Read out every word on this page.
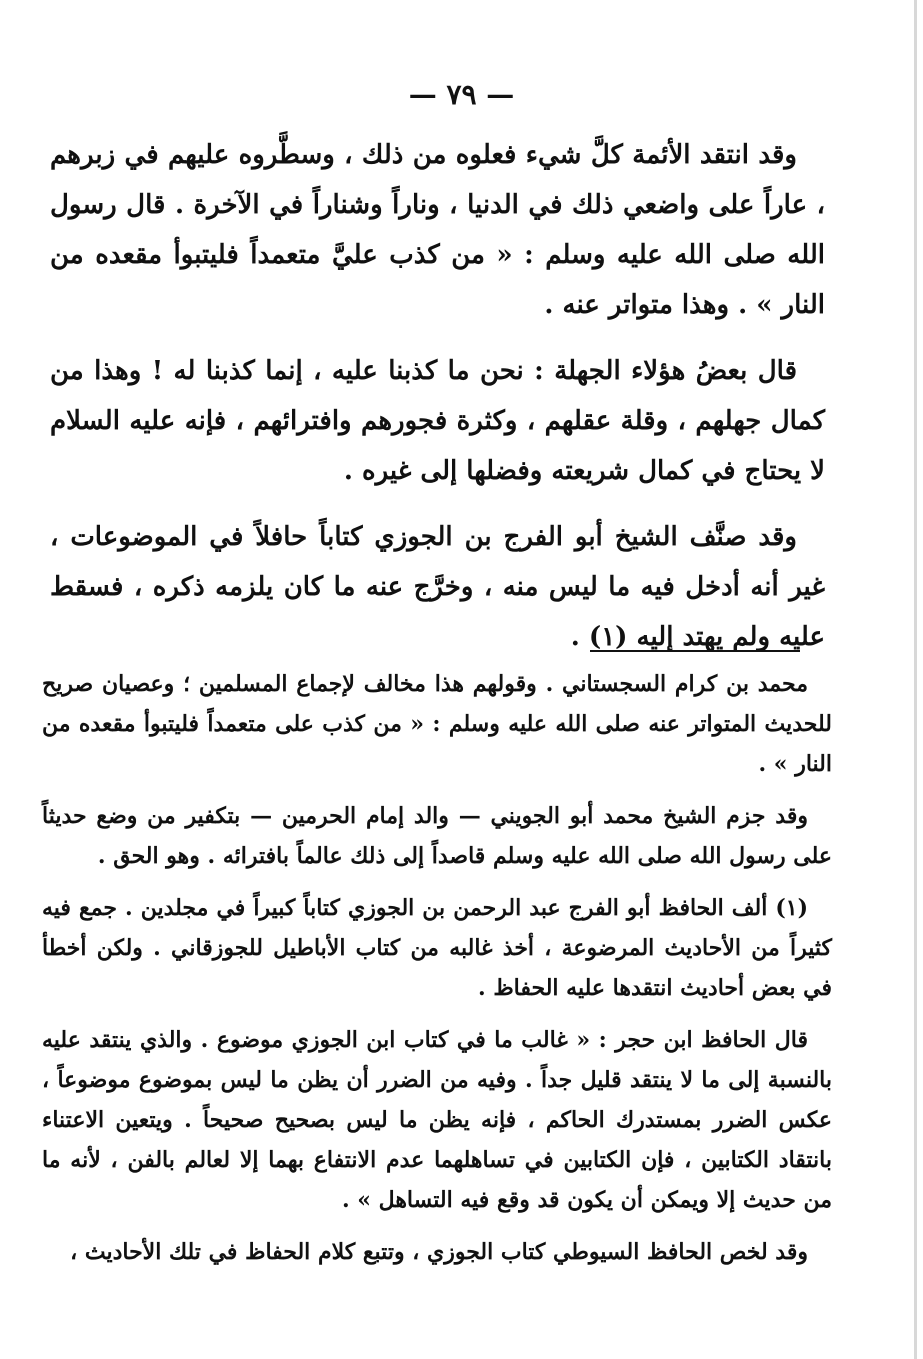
— ٧٩ —

وقد انتقد الأئمة كلَّ شيء فعلوه من ذلك ، وسطَّروه عليهم في زبرهم ، عاراً على واضعي ذلك في الدنيا ، وناراً وشناراً في الآخرة . قال رسول الله صلى الله عليه وسلم : « من كذب عليَّ متعمداً فليتبوأ مقعده من النار » . وهذا متواتر عنه .

قال بعضُ هؤلاء الجهلة : نحن ما كذبنا عليه ، إنما كذبنا له ! وهذا من كمال جهلهم ، وقلة عقلهم ، وكثرة فجورهم وافترائهم ، فإنه عليه السلام لا يحتاج في كمال شريعته وفضلها إلى غيره .

وقد صنَّف الشيخ أبو الفرج بن الجوزي كتاباً حافلاً في الموضوعات ، غير أنه أدخل فيه ما ليس منه ، وخرَّج عنه ما كان يلزمه ذكره ، فسقط عليه ولم يهتد إليه (١) .

محمد بن كرام السجستاني . وقولهم هذا مخالف لإجماع المسلمين ؛ وعصيان صريح للحديث المتواتر عنه صلى الله عليه وسلم : « من كذب على متعمداً فليتبوأ مقعده من النار » .

وقد جزم الشيخ محمد أبو الجويني — والد إمام الحرمين — بتكفير من وضع حديثاً على رسول الله صلى الله عليه وسلم قاصداً إلى ذلك عالماً بافترائه . وهو الحق .

(١) ألف الحافظ أبو الفرج عبد الرحمن بن الجوزي كتاباً كبيراً في مجلدين . جمع فيه كثيراً من الأحاديث المرضوعة ، أخذ غالبه من كتاب الأباطيل للجوزقاني . ولكن أخطأ في بعض أحاديث انتقدها عليه الحفاظ .

قال الحافظ ابن حجر : « غالب ما في كتاب ابن الجوزي موضوع . والذي ينتقد عليه بالنسبة إلى ما لا ينتقد قليل جداً . وفيه من الضرر أن يظن ما ليس بموضوع موضوعاً ، عكس الضرر بمستدرك الحاكم ، فإنه يظن ما ليس بصحيح صحيحاً . ويتعين الاعتناء بانتقاد الكتابين ، فإن الكتابين في تساهلهما عدم الانتفاع بهما إلا لعالم بالفن ، لأنه ما من حديث إلا ويمكن أن يكون قد وقع فيه التساهل » .

وقد لخص الحافظ السيوطي كتاب الجوزي ، وتتبع كلام الحفاظ في تلك الأحاديث ،
